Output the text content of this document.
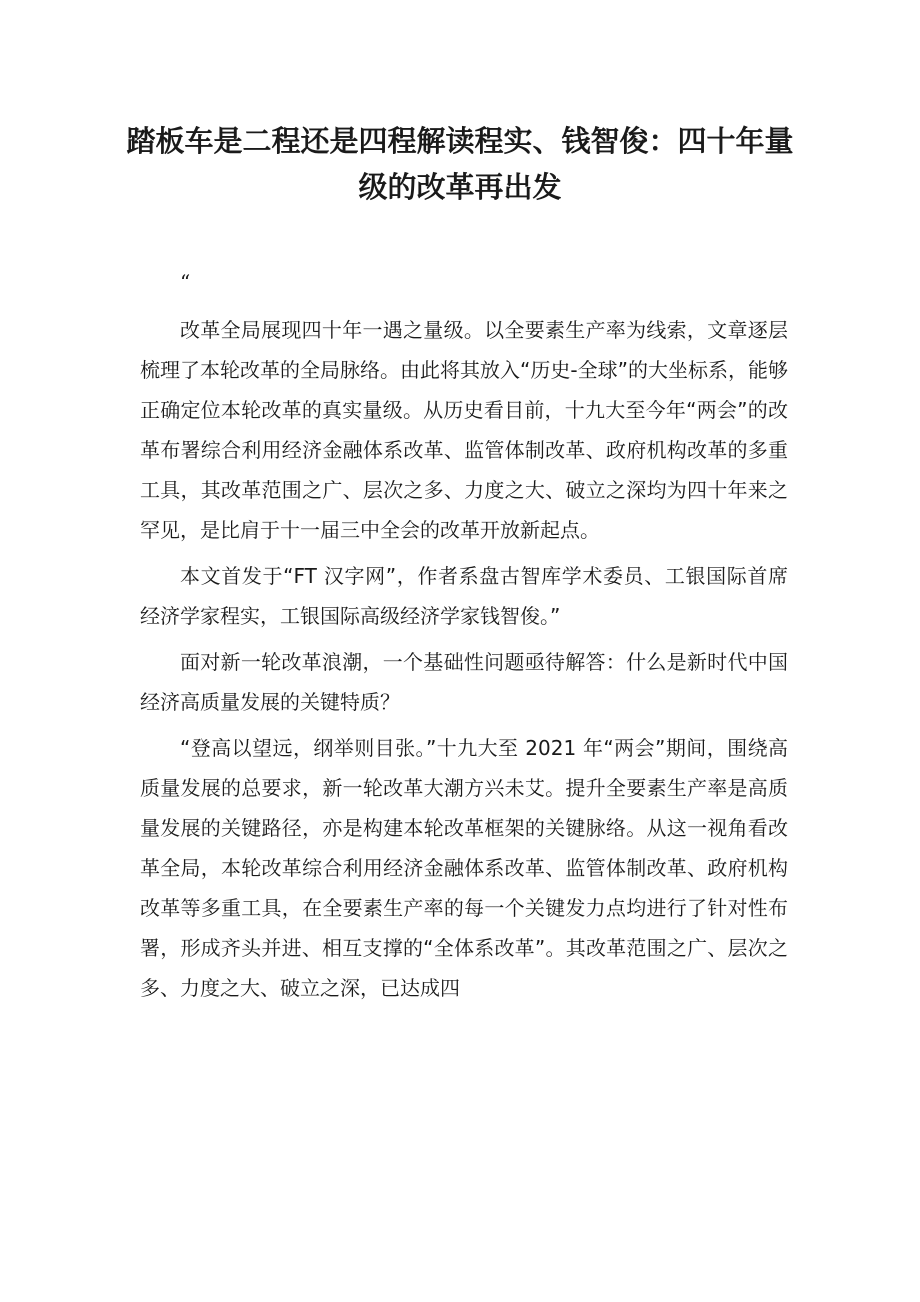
踏板车是二程还是四程解读程实、钱智俊：四十年量级的改革再出发

“

改革全局展现四十年一遇之量级。以全要素生产率为线索，文章逐层梳理了本轮改革的全局脉络。由此将其放入“历史-全球”的大坐标系，能够正确定位本轮改革的真实量级。从历史看目前，十九大至今年“两会”的改革布署综合利用经济金融体系改革、监管体制改革、政府机构改革的多重工具，其改革范围之广、层次之多、力度之大、破立之深均为四十年来之罕见，是比肩于十一届三中全会的改革开放新起点。

本文首发于“FT 汉字网”，作者系盘古智库学术委员、工银国际首席经济学家程实，工银国际高级经济学家钱智俊。”

面对新一轮改革浪潮，一个基础性问题亟待解答：什么是新时代中国经济高质量发展的关键特质？

“登高以望远，纲举则目张。”十九大至 2021 年“两会”期间，围绕高质量发展的总要求，新一轮改革大潮方兴未艾。提升全要素生产率是高质量发展的关键路径，亦是构建本轮改革框架的关键脉络。从这一视角看改革全局，本轮改革综合利用经济金融体系改革、监管体制改革、政府机构改革等多重工具，在全要素生产率的每一个关键发力点均进行了针对性布署，形成齐头并进、相互支撑的“全体系改革”。其改革范围之广、层次之多、力度之大、破立之深，已达成四
